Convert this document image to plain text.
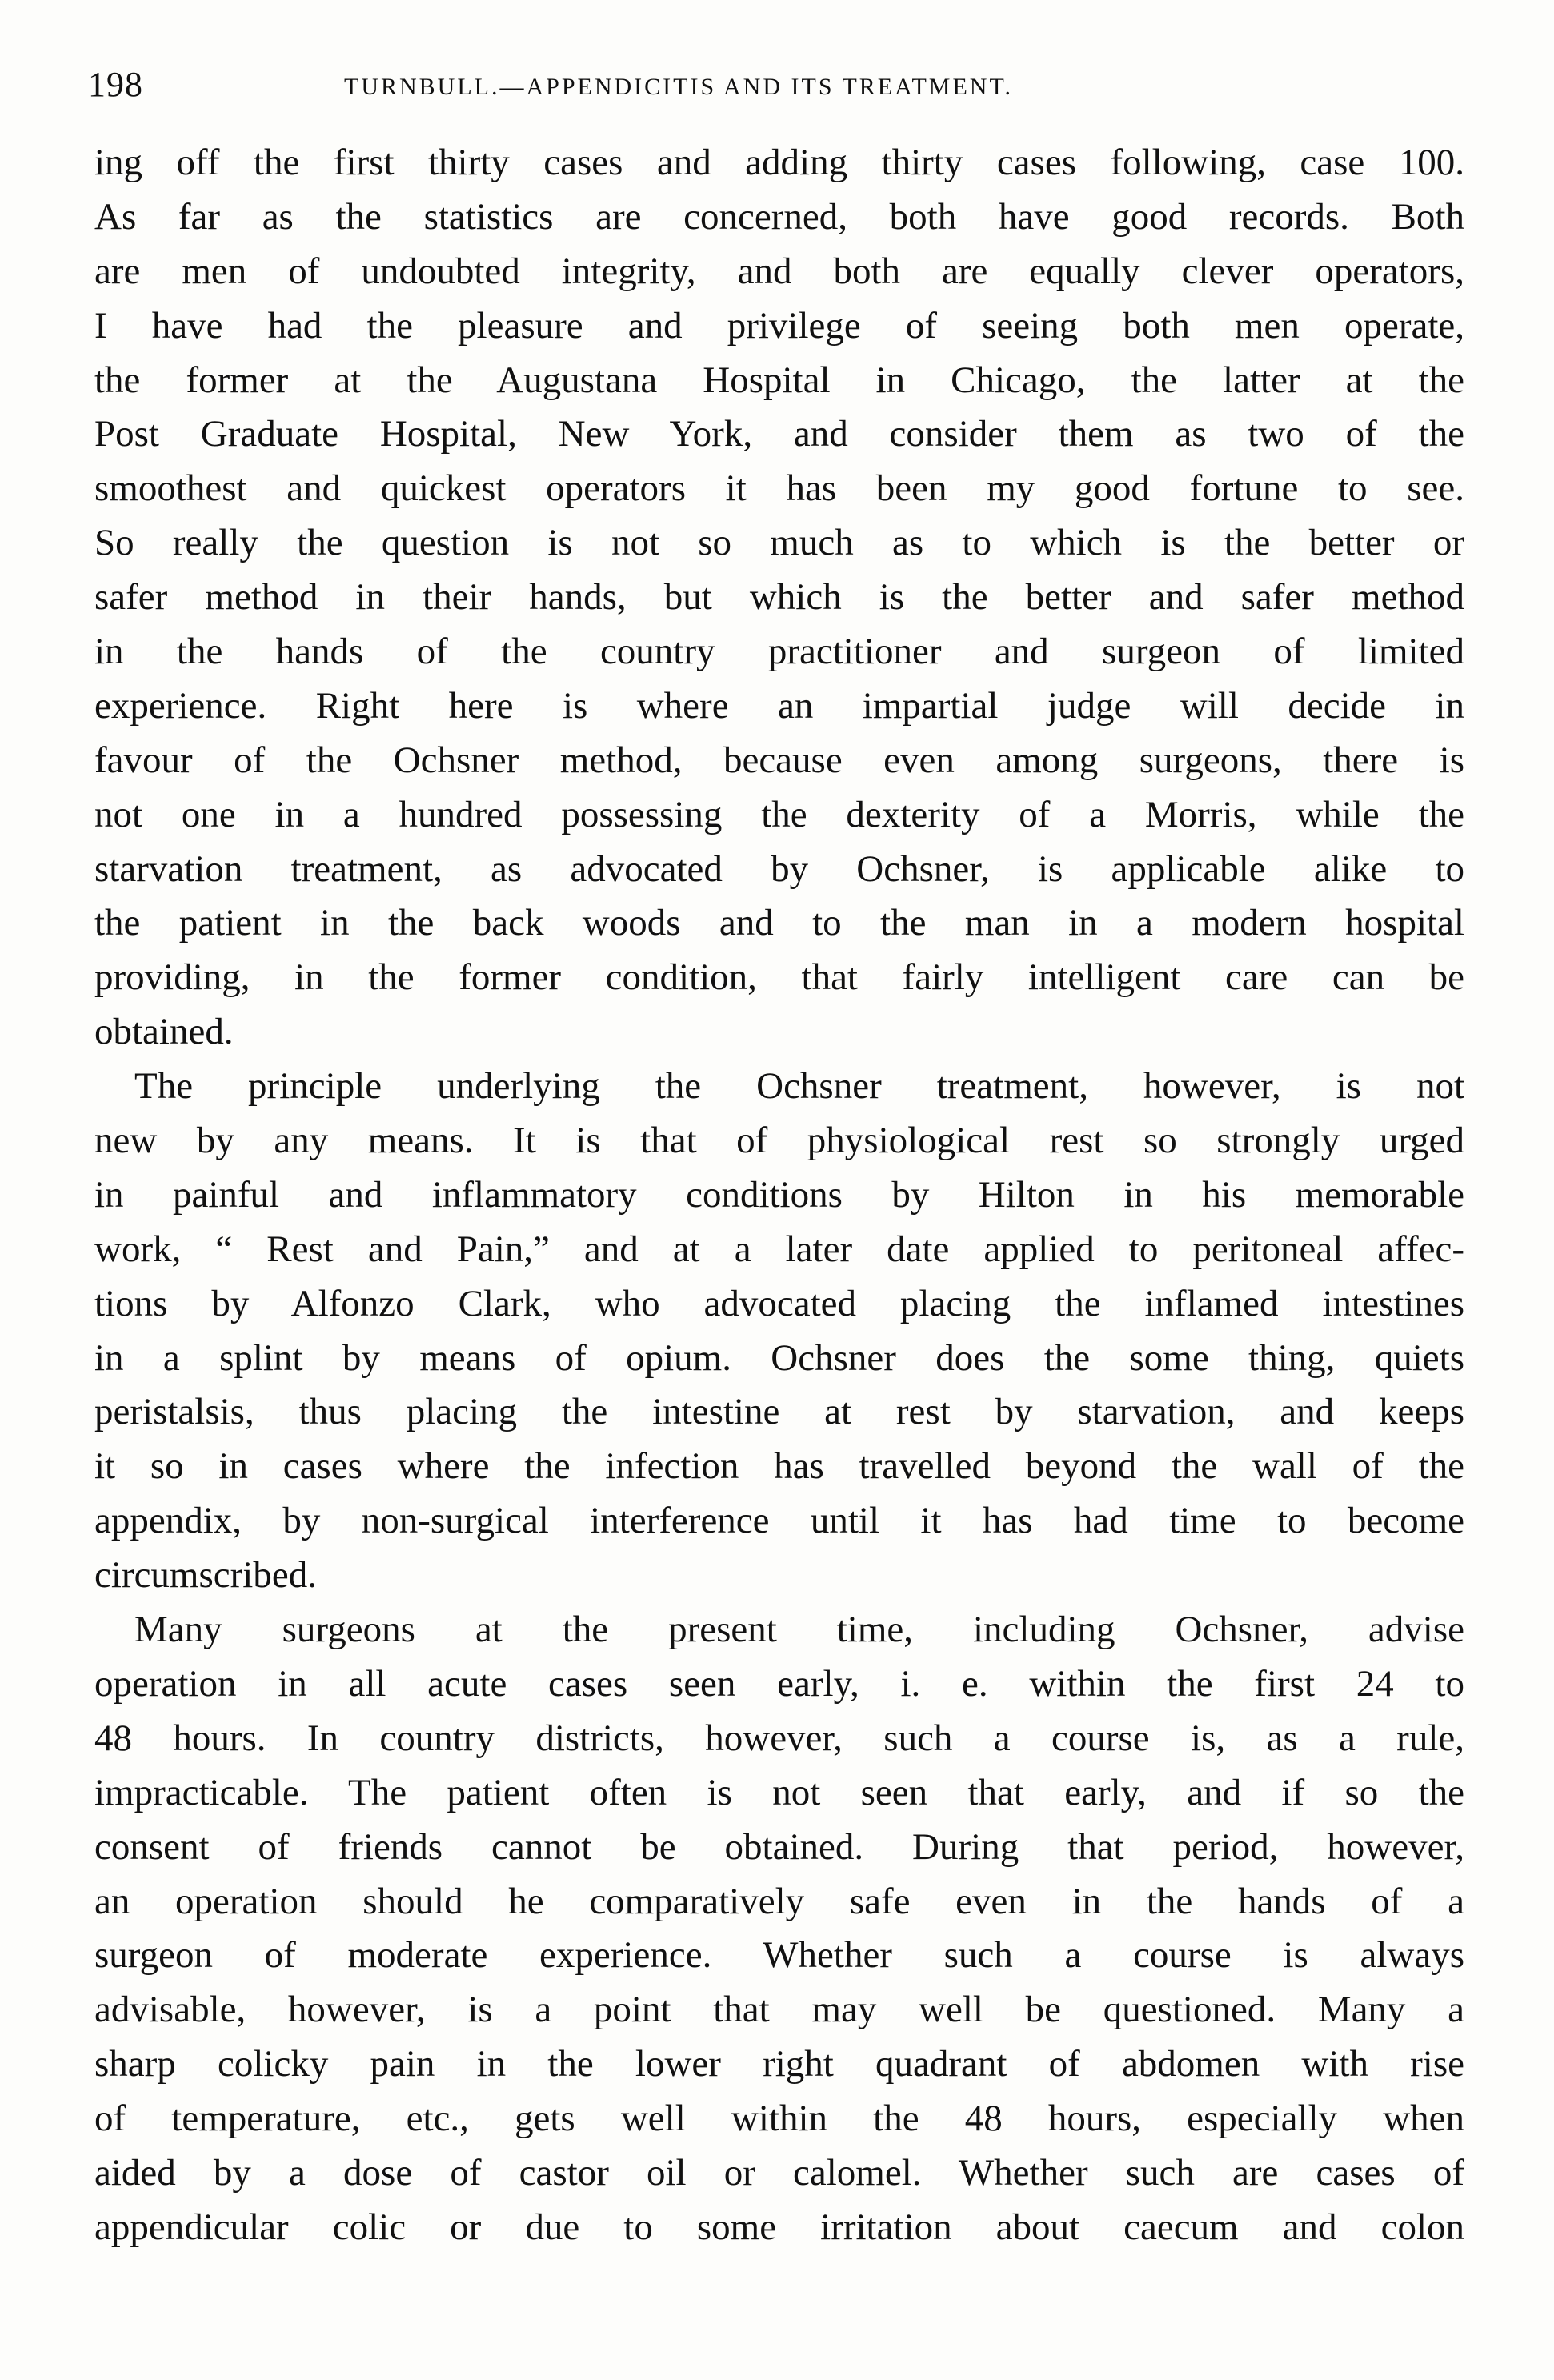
198	TURNBULL.—APPENDICITIS AND ITS TREATMENT.
ing off the first thirty cases and adding thirty cases following, case 100.
As far as the statistics are concerned, both have good records. Both
are men of undoubted integrity, and both are equally clever operators,
I have had the pleasure and privilege of seeing both men operate,
the former at the Augustana Hospital in Chicago, the latter at the
Post Graduate Hospital, New York, and consider them as two of the
smoothest and quickest operators it has been my good fortune to see.
So really the question is not so much as to which is the better or
safer method in their hands, but which is the better and safer method
in the hands of the country practitioner and surgeon of limited
experience. Right here is where an impartial judge will decide in
favour of the Ochsner method, because even among surgeons, there is
not one in a hundred possessing the dexterity of a Morris, while the
starvation treatment, as advocated by Ochsner, is applicable alike to
the patient in the back woods and to the man in a modern hospital
providing, in the former condition, that fairly intelligent care can be
obtained.
The principle underlying the Ochsner treatment, however, is not
new by any means. It is that of physiological rest so strongly urged
in painful and inflammatory conditions by Hilton in his memorable
work, “ Rest and Pain,” and at a later date applied to peritoneal affec-
tions by Alfonzo Clark, who advocated placing the inflamed intestines
in a splint by means of opium. Ochsner does the some thing, quiets
peristalsis, thus placing the intestine at rest by starvation, and keeps
it so in cases where the infection has travelled beyond the wall of the
appendix, by non-surgical interference until it has had time to become
circumscribed.
Many surgeons at the present time, including Ochsner, advise
operation in all acute cases seen early, i. e. within the first 24 to
48 hours. In country districts, however, such a course is, as a rule,
impracticable. The patient often is not seen that early, and if so the
consent of friends cannot be obtained. During that period, however,
an operation should he comparatively safe even in the hands of a
surgeon of moderate experience. Whether such a course is always
advisable, however, is a point that may well be questioned. Many a
sharp colicky pain in the lower right quadrant of abdomen with rise
of temperature, etc., gets well within the 48 hours, especially when
aided by a dose of castor oil or calomel. Whether such are cases of
appendicular colic or due to some irritation about caecum and colon
